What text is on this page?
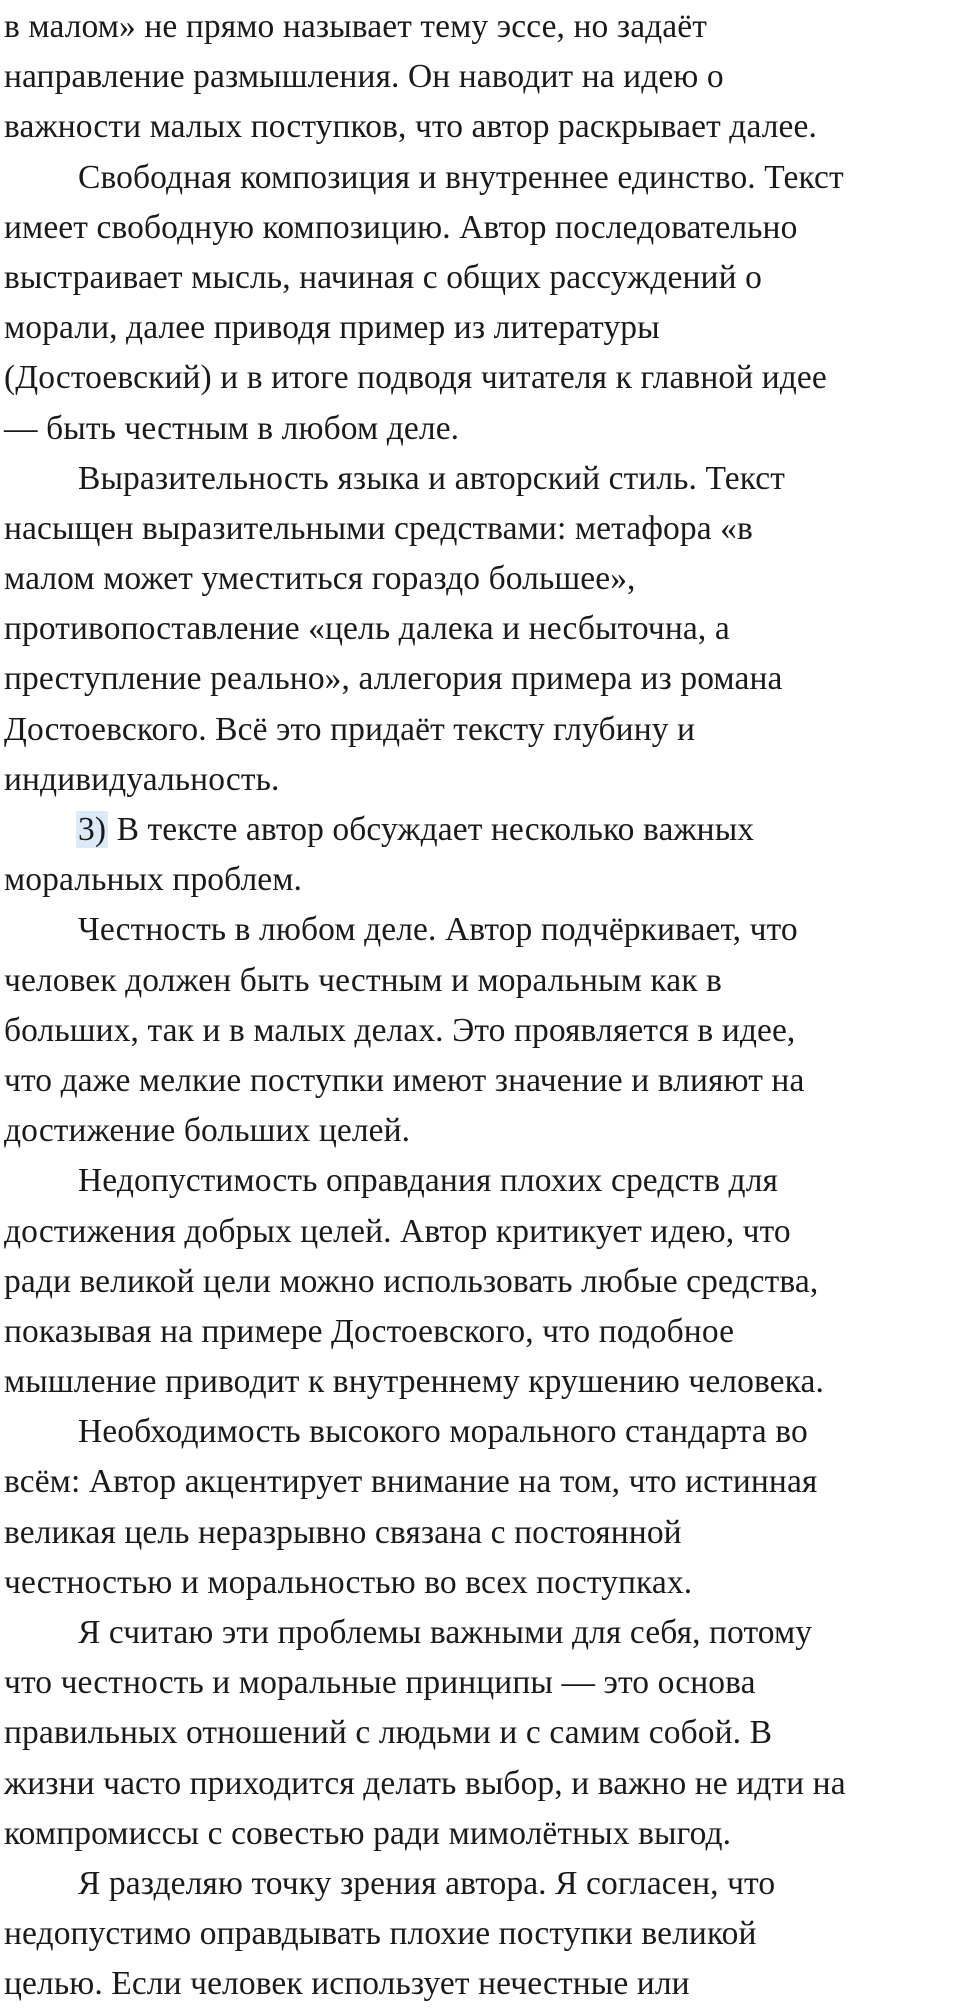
в малом» не прямо называет тему эссе, но задаёт
направление размышления. Он наводит на идею о
важности малых поступков, что автор раскрывает далее.

Свободная композиция и внутреннее единство. Текст
имеет свободную композицию. Автор последовательно
выстраивает мысль, начиная с общих рассуждений о
морали, далее приводя пример из литературы
(Достоевский) и в итоге подводя читателя к главной идее
— быть честным в любом деле.

Выразительность языка и авторский стиль. Текст
насыщен выразительными средствами: метафора «в
малом может уместиться гораздо большее»,
противопоставление «цель далека и несбыточна, а
преступление реально», аллегория примера из романа
Достоевского. Всё это придаёт тексту глубину и
индивидуальность.

3) В тексте автор обсуждает несколько важных
моральных проблем.

Честность в любом деле. Автор подчёркивает, что
человек должен быть честным и моральным как в
больших, так и в малых делах. Это проявляется в идее,
что даже мелкие поступки имеют значение и влияют на
достижение больших целей.

Недопустимость оправдания плохих средств для
достижения добрых целей. Автор критикует идею, что
ради великой цели можно использовать любые средства,
показывая на примере Достоевского, что подобное
мышление приводит к внутреннему крушению человека.

Необходимость высокого морального стандарта во
всём: Автор акцентирует внимание на том, что истинная
великая цель неразрывно связана с постоянной
честностью и моральностью во всех поступках.

Я считаю эти проблемы важными для себя, потому
что честность и моральные принципы — это основа
правильных отношений с людьми и с самим собой. В
жизни часто приходится делать выбор, и важно не идти на
компромиссы с совестью ради мимолётных выгод.

Я разделяю точку зрения автора. Я согласен, что
недопустимо оправдывать плохие поступки великой
целью. Если человек использует нечестные или
